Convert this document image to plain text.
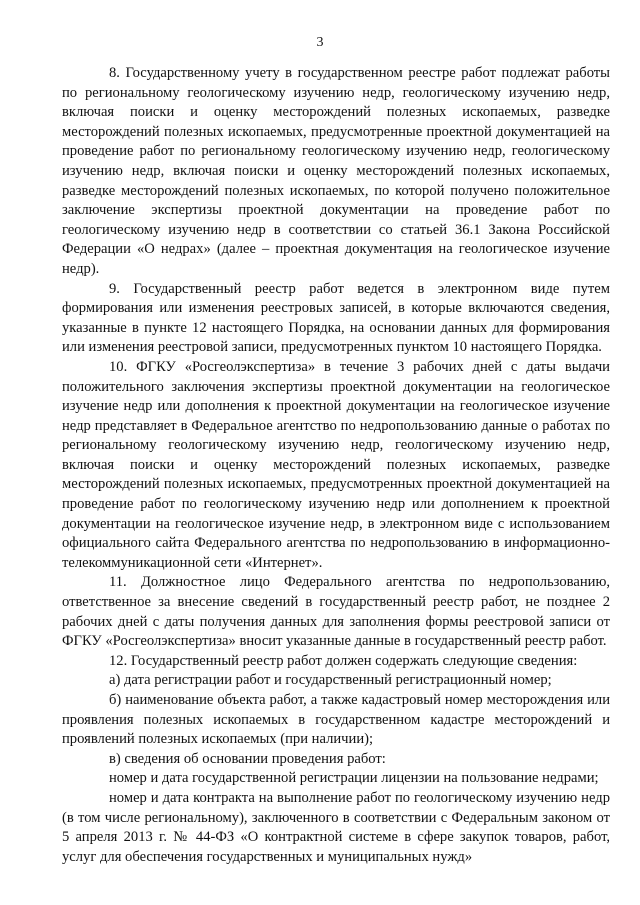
3

8. Государственному учету в государственном реестре работ подлежат работы по региональному геологическому изучению недр, геологическому изучению недр, включая поиски и оценку месторождений полезных ископаемых, разведке месторождений полезных ископаемых, предусмотренные проектной документацией на проведение работ по региональному геологическому изучению недр, геологическому изучению недр, включая поиски и оценку месторождений полезных ископаемых, разведке месторождений полезных ископаемых, по которой получено положительное заключение экспертизы проектной документации на проведение работ по геологическому изучению недр в соответствии со статьей 36.1 Закона Российской Федерации «О недрах» (далее – проектная документация на геологическое изучение недр).

9. Государственный реестр работ ведется в электронном виде путем формирования или изменения реестровых записей, в которые включаются сведения, указанные в пункте 12 настоящего Порядка, на основании данных для формирования или изменения реестровой записи, предусмотренных пунктом 10 настоящего Порядка.

10. ФГКУ «Росгеолэкспертиза» в течение 3 рабочих дней с даты выдачи положительного заключения экспертизы проектной документации на геологическое изучение недр или дополнения к проектной документации на геологическое изучение недр представляет в Федеральное агентство по недропользованию данные о работах по региональному геологическому изучению недр, геологическому изучению недр, включая поиски и оценку месторождений полезных ископаемых, разведке месторождений полезных ископаемых, предусмотренных проектной документацией на проведение работ по геологическому изучению недр или дополнением к проектной документации на геологическое изучение недр, в электронном виде с использованием официального сайта Федерального агентства по недропользованию в информационно-телекоммуникационной сети «Интернет».

11. Должностное лицо Федерального агентства по недропользованию, ответственное за внесение сведений в государственный реестр работ, не позднее 2 рабочих дней с даты получения данных для заполнения формы реестровой записи от ФГКУ «Росгеолэкспертиза» вносит указанные данные в государственный реестр работ.

12. Государственный реестр работ должен содержать следующие сведения:

а) дата регистрации работ и государственный регистрационный номер;

б) наименование объекта работ, а также кадастровый номер месторождения или проявления полезных ископаемых в государственном кадастре месторождений и проявлений полезных ископаемых (при наличии);

в) сведения об основании проведения работ:

номер и дата государственной регистрации лицензии на пользование недрами;

номер и дата контракта на выполнение работ по геологическому изучению недр (в том числе региональному), заключенного в соответствии с Федеральным законом от 5 апреля 2013 г. № 44-ФЗ «О контрактной системе в сфере закупок товаров, работ, услуг для обеспечения государственных и муниципальных нужд»
